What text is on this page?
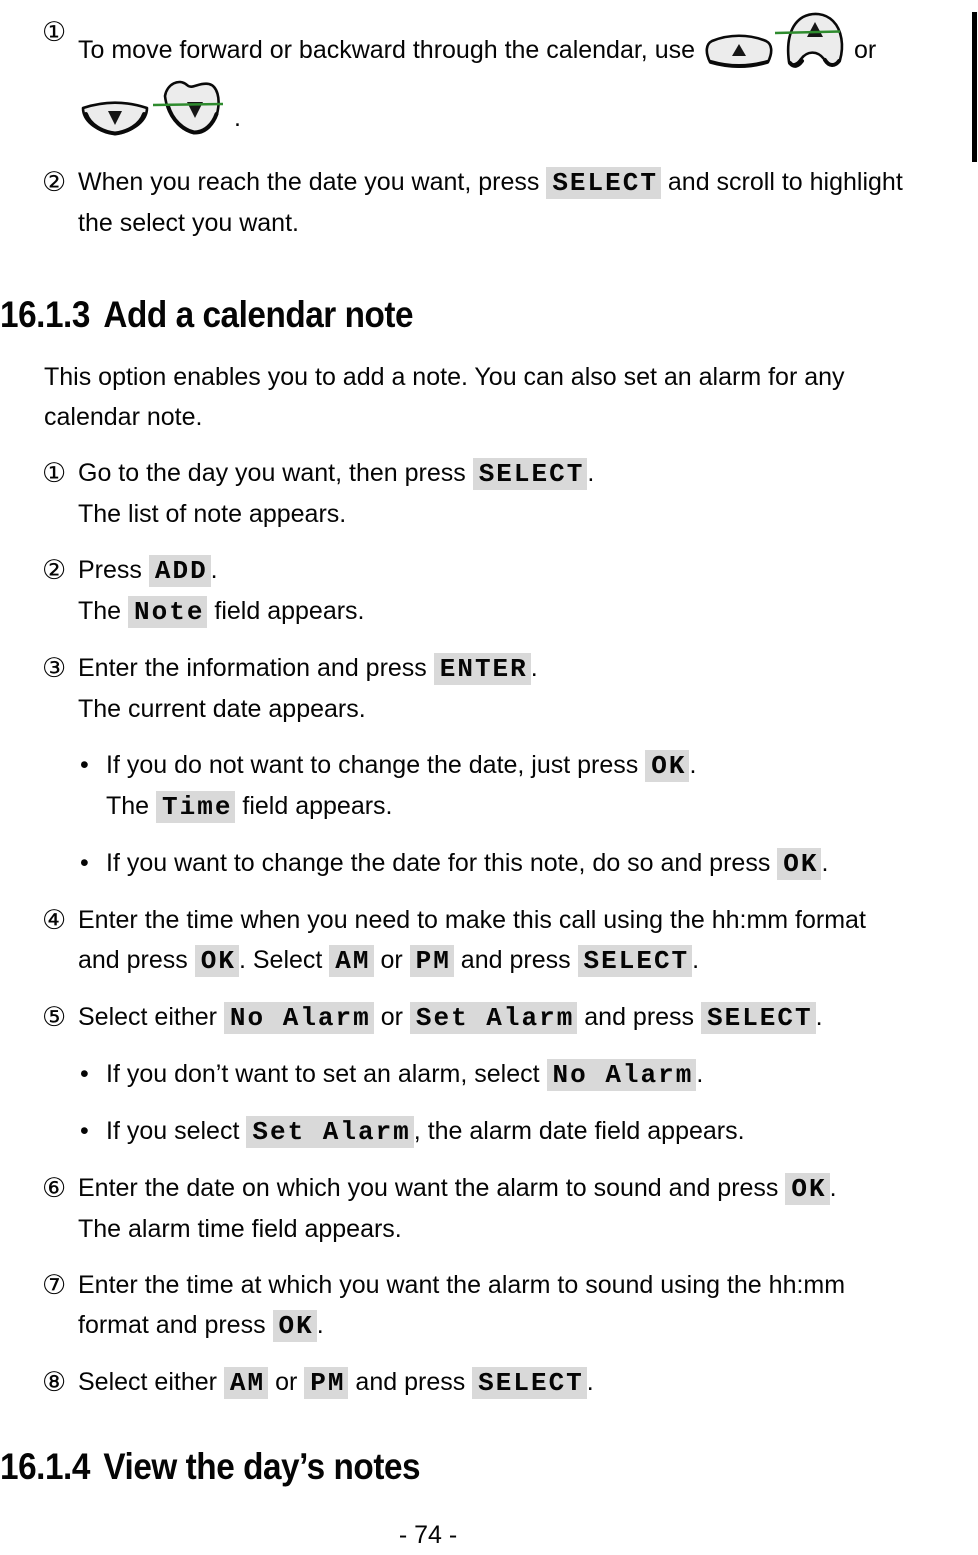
①
To move forward or backward through the calendar, use	or
.
② When you reach the date you want, press SELECT and scroll to highlight
the select you want.
16.1.3 Add a calendar note
This option enables you to add a note. You can also set an alarm for any
calendar note.
① Go to the day you want, then press SELECT .
The list of note appears.
② Press ADD .
The Note field appears.
③ Enter the information and press ENTER .
The current date appears.
• If you do not want to change the date, just press OK .
The Time field appears.
• If you want to change the date for this note, do so and press OK .
④ Enter the time when you need to make this call using the hh:mm format
and press OK . Select AM or PM and press SELECT .
⑤ Select either No Alarm or Set Alarm and press SELECT .
• If you don’t want to set an alarm, select No Alarm .
• If you select Set Alarm , the alarm date field appears.
⑥ Enter the date on which you want the alarm to sound and press OK .
The alarm time field appears.
⑦ Enter the time at which you want the alarm to sound using the hh:mm
format and press OK .
⑧ Select either AM or PM and press SELECT .
16.1.4 View the day’s notes
- 74 -
